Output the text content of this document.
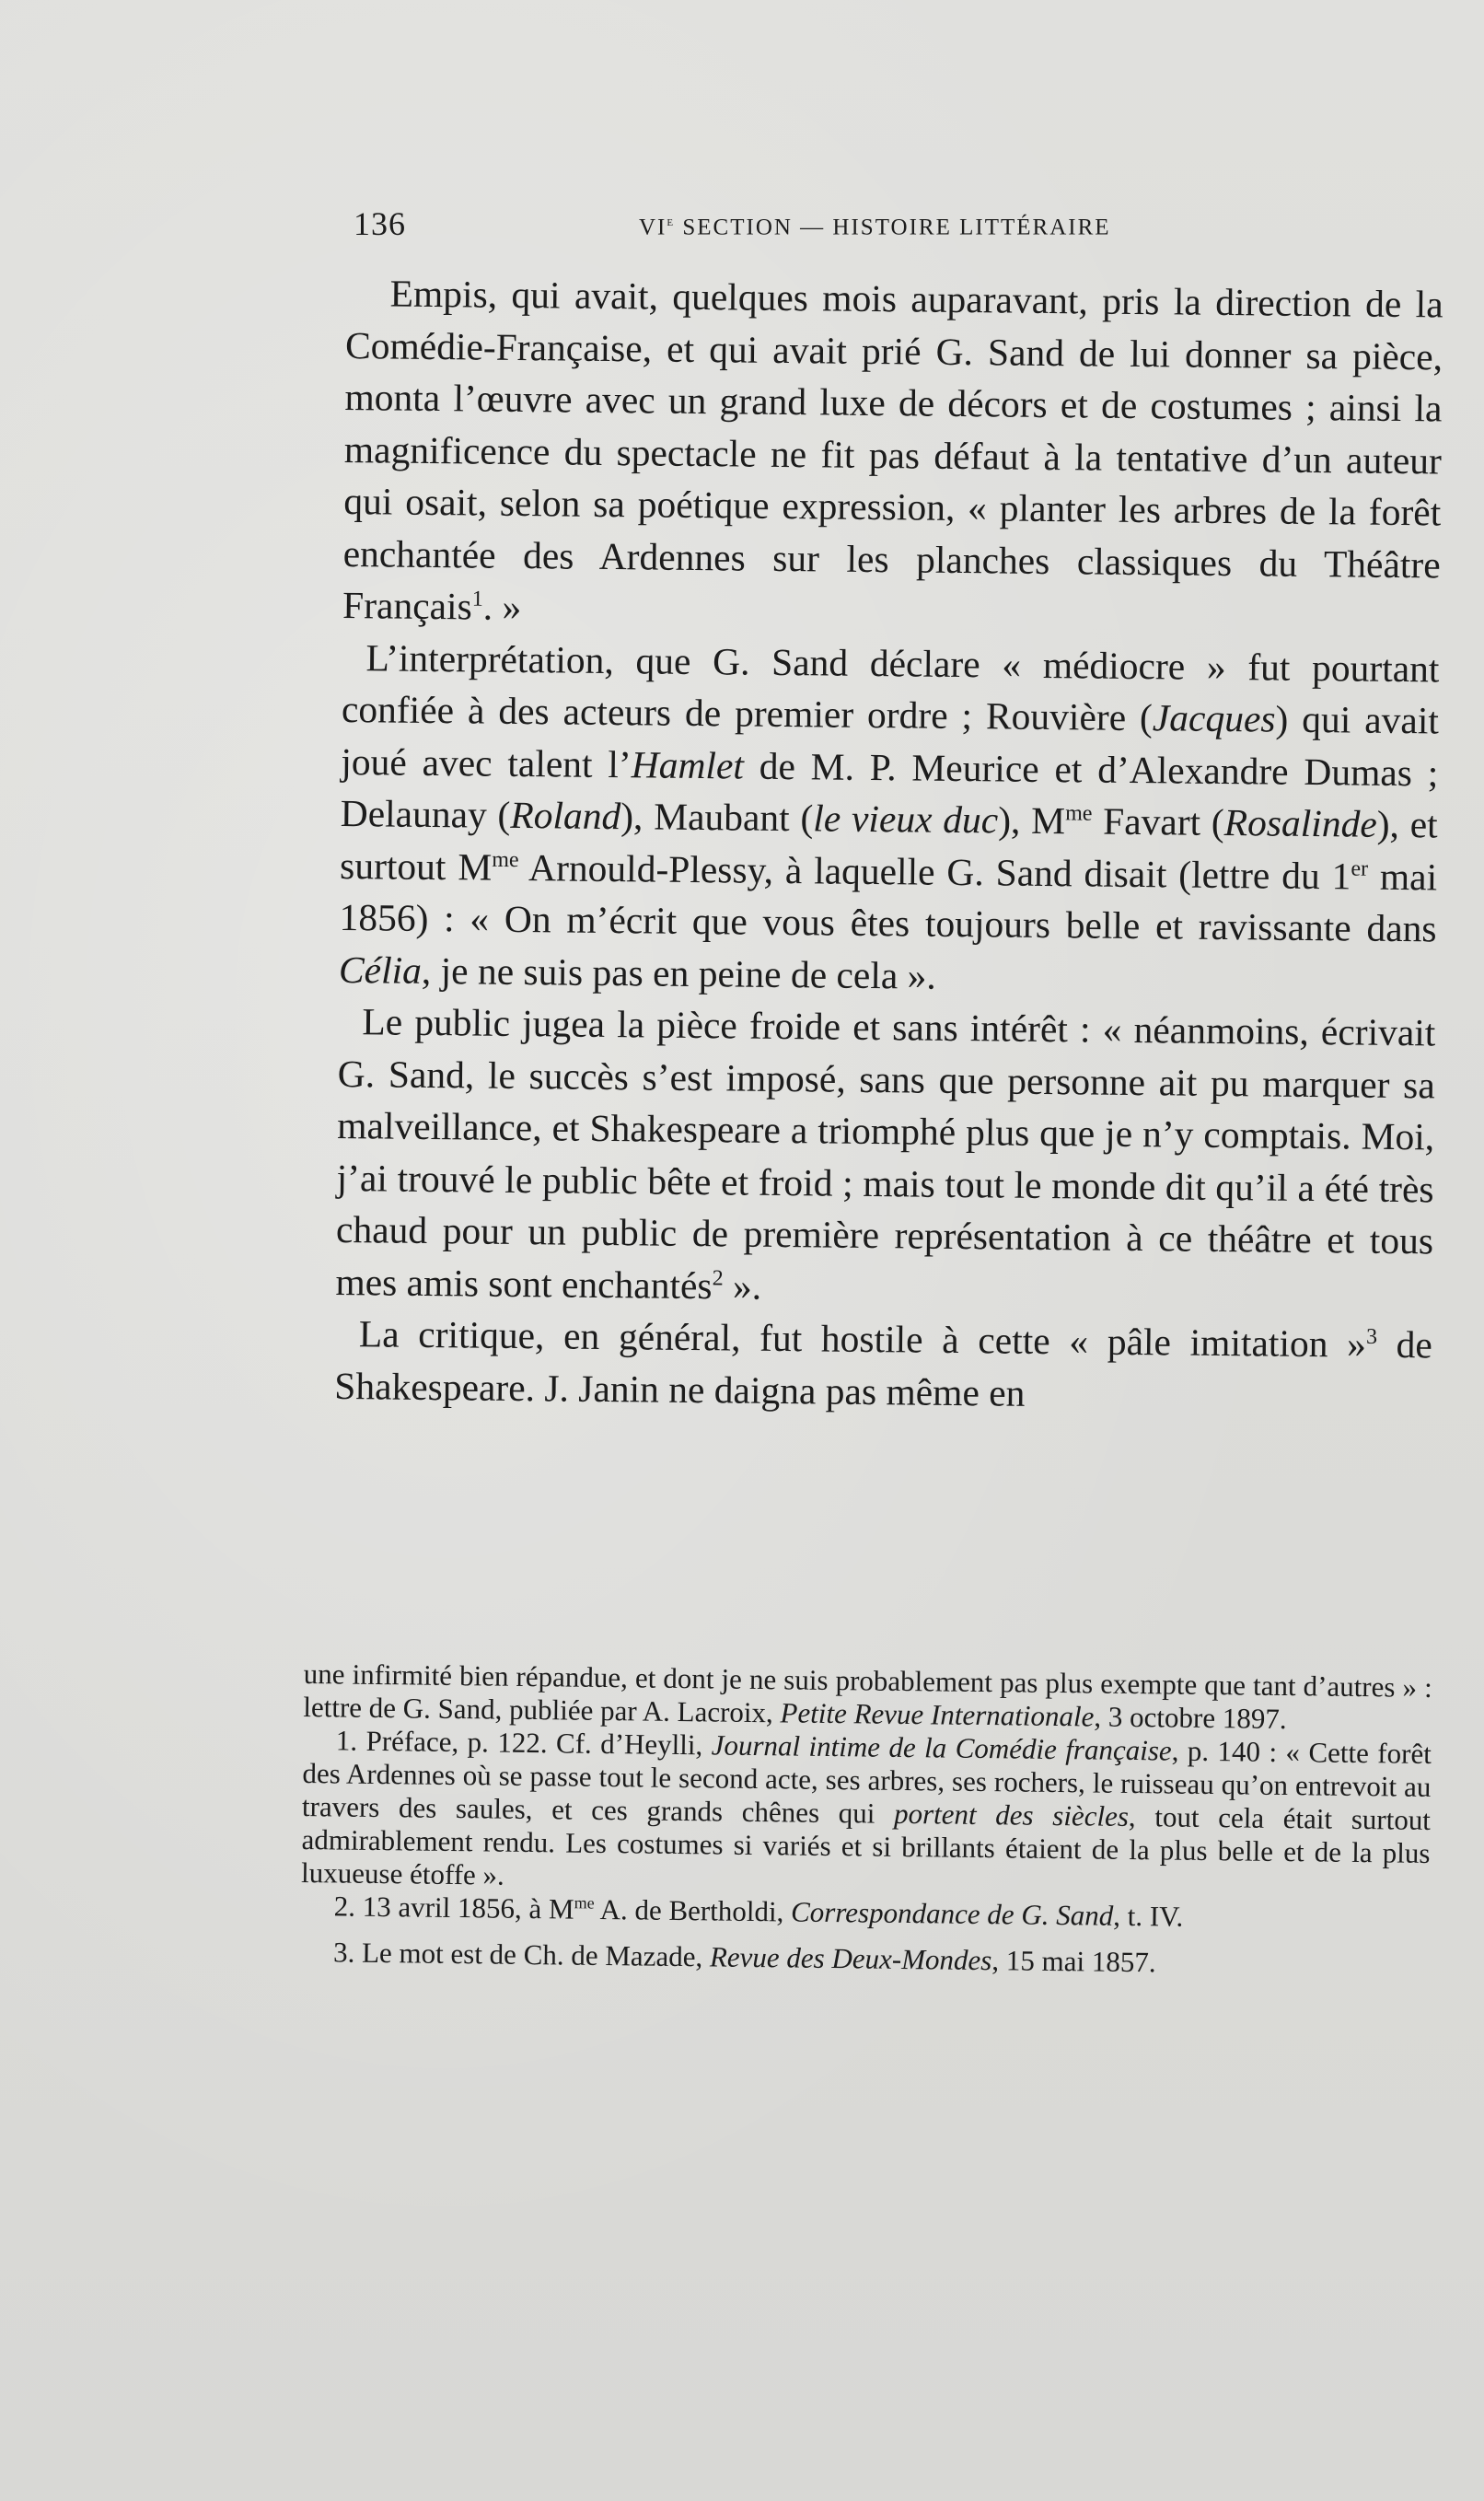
136	VIe SECTION — HISTOIRE LITTÉRAIRE

Empis, qui avait, quelques mois auparavant, pris la direction de la Comédie-Française, et qui avait prié G. Sand de lui donner sa pièce, monta l’œuvre avec un grand luxe de décors et de costumes ; ainsi la magnificence du spectacle ne fit pas défaut à la tentative d’un auteur qui osait, selon sa poétique expression, « planter les arbres de la forêt enchantée des Ardennes sur les planches classiques du Théâtre Français$^1$. »

L’interprétation, que G. Sand déclare « médiocre » fut pourtant confiée à des acteurs de premier ordre ; Rouvière (Jacques) qui avait joué avec talent l’Hamlet de M. P. Meurice et d’Alexandre Dumas ; Delaunay (Roland), Maubant (le vieux duc), $M^{me}$ Favart (Rosalinde), et surtout $M^{me}$ Arnould-Plessy, à laquelle G. Sand disait (lettre du 1er mai 1856) : « On m’écrit que vous êtes toujours belle et ravissante dans Célia, je ne suis pas en peine de cela ».

Le public jugea la pièce froide et sans intérêt : « néanmoins, écrivait G. Sand, le succès s’est imposé, sans que personne ait pu marquer sa malveillance, et Shakespeare a triomphé plus que je n’y comptais. Moi, j’ai trouvé le public bête et froid ; mais tout le monde dit qu’il a été très chaud pour un public de première représentation à ce théâtre et tous mes amis sont enchantés$^2$ ».

La critique, en général, fut hostile à cette « pâle imitation »$^3$ de Shakespeare. J. Janin ne daigna pas même en

une infirmité bien répandue, et dont je ne suis probablement pas plus exempte que tant d’autres » : lettre de G. Sand, publiée par A. Lacroix, Petite Revue Internationale, 3 octobre 1897.

1. Préface, p. 122. Cf. d’Heylli, Journal intime de la Comédie française, p. 140 : « Cette forêt des Ardennes où se passe tout le second acte, ses arbres, ses rochers, le ruisseau qu’on entrevoit au travers des saules, et ces grands chênes qui portent des siècles, tout cela était surtout admirablement rendu. Les costumes si variés et si brillants étaient de la plus belle et de la plus luxueuse étoffe ».

2. 13 avril 1856, à $M^{me}$ A. de Bertholdi, Correspondance de G. Sand, t. IV.

3. Le mot est de Ch. de Mazade, Revue des Deux-Mondes, 15 mai 1857.
